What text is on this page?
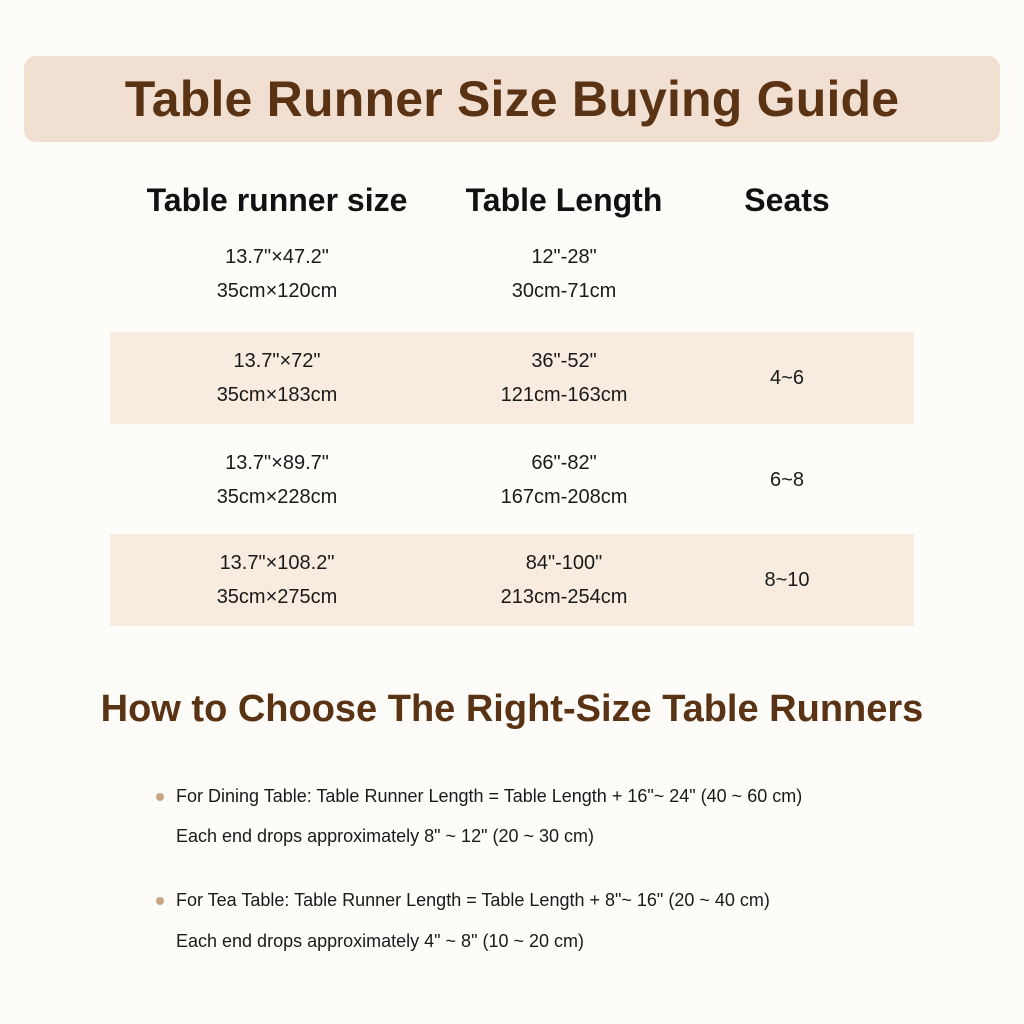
Table Runner Size Buying Guide
Table runner size	Table Length	Seats
13.7"×47.2"
35cm×120cm
12"-28"
30cm-71cm
13.7"×72"
35cm×183cm
36"-52"
121cm-163cm
4~6
13.7"×89.7"
35cm×228cm
66"-82"
167cm-208cm
6~8
13.7"×108.2"
35cm×275cm
84"-100"
213cm-254cm
8~10
How to Choose The Right-Size Table Runners
For Dining Table: Table Runner Length = Table Length + 16"~ 24" (40 ~ 60 cm)
Each end drops approximately 8" ~ 12" (20 ~ 30 cm)
For Tea Table: Table Runner Length = Table Length + 8"~ 16" (20 ~ 40 cm)
Each end drops approximately 4" ~ 8" (10 ~ 20 cm)
